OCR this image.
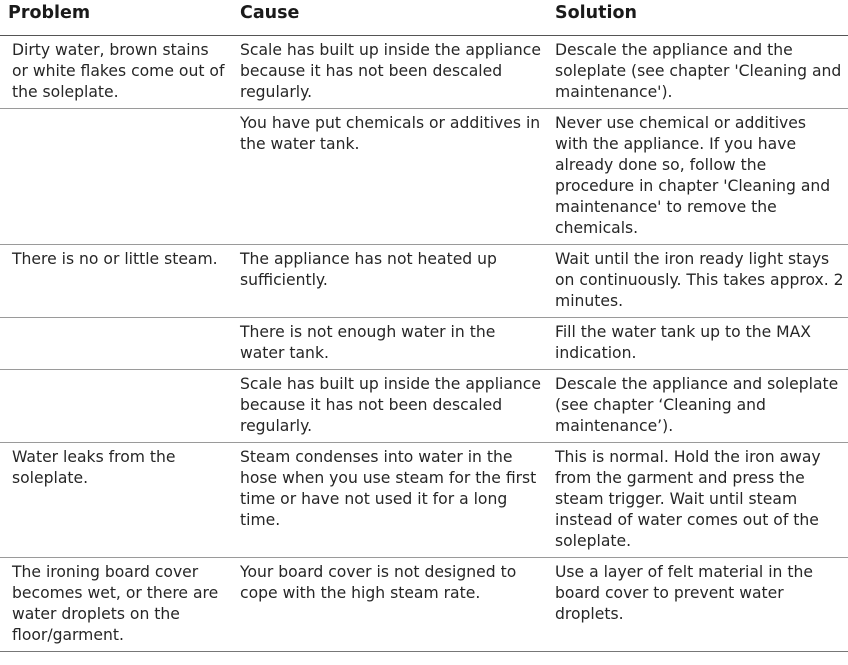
Problem	Cause	Solution
Dirty water, brown stains or white flakes come out of the soleplate.	Scale has built up inside the appliance because it has not been descaled regularly.	Descale the appliance and the soleplate (see chapter 'Cleaning and maintenance').
	You have put chemicals or additives in the water tank.	Never use chemical or additives with the appliance. If you have already done so, follow the procedure in chapter 'Cleaning and maintenance' to remove the chemicals.
There is no or little steam.	The appliance has not heated up sufficiently.	Wait until the iron ready light stays on continuously. This takes approx. 2 minutes.
	There is not enough water in the water tank.	Fill the water tank up to the MAX indication.
	Scale has built up inside the appliance because it has not been descaled regularly.	Descale the appliance and soleplate (see chapter ‘Cleaning and maintenance’).
Water leaks from the soleplate.	Steam condenses into water in the hose when you use steam for the first time or have not used it for a long time.	This is normal. Hold the iron away from the garment and press the steam trigger. Wait until steam instead of water comes out of the soleplate.
The ironing board cover becomes wet, or there are water droplets on the floor/garment.	Your board cover is not designed to cope with the high steam rate.	Use a layer of felt material in the board cover to prevent water droplets.
